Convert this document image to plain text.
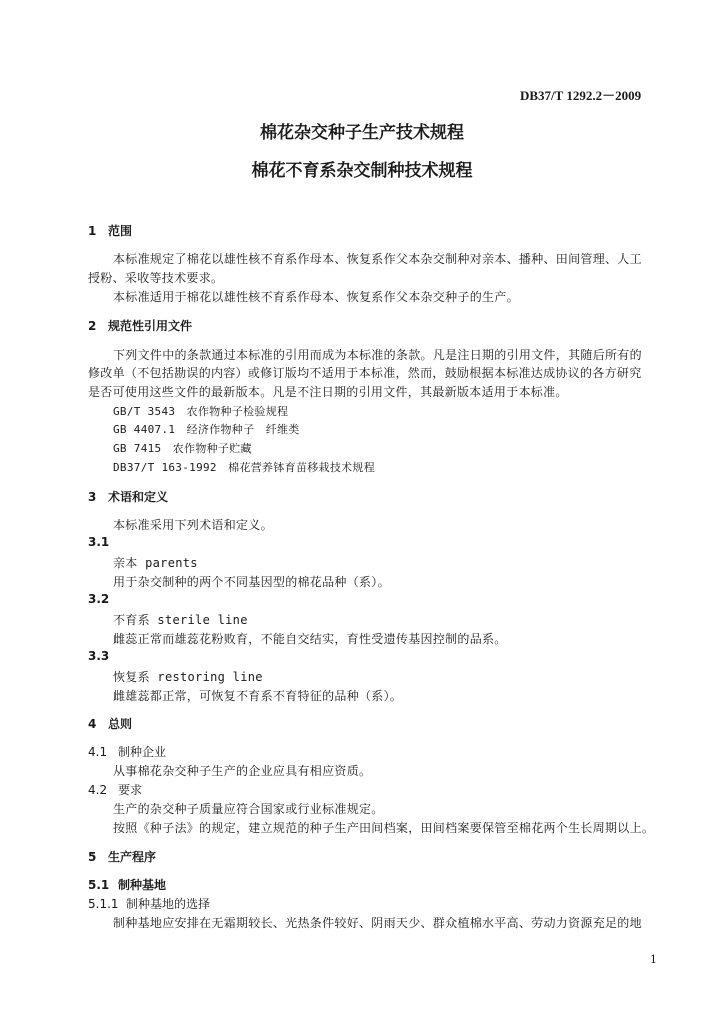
DB37/T 1292.2－2009
棉花杂交种子生产技术规程
棉花不育系杂交制种技术规程
1 范围
本标准规定了棉花以雄性核不育系作母本、恢复系作父本杂交制种对亲本、播种、田间管理、人工
授粉、采收等技术要求。
本标准适用于棉花以雄性核不育系作母本、恢复系作父本杂交种子的生产。
2 规范性引用文件
下列文件中的条款通过本标准的引用而成为本标准的条款。凡是注日期的引用文件，其随后所有的
修改单（不包括勘误的内容）或修订版均不适用于本标准，然而，鼓励根据本标准达成协议的各方研究
是否可使用这些文件的最新版本。凡是不注日期的引用文件，其最新版本适用于本标准。
GB/T 3543　农作物种子检验规程
GB 4407.1　经济作物种子　纤维类
GB 7415　农作物种子贮藏
DB37/T 163-1992　棉花营养钵育苗移栽技术规程
3 术语和定义
本标准采用下列术语和定义。
3.1
亲本 parents
用于杂交制种的两个不同基因型的棉花品种（系）。
3.2
不育系 sterile line
雌蕊正常而雄蕊花粉败育，不能自交结实，育性受遗传基因控制的品系。
3.3
恢复系 restoring line
雌雄蕊都正常，可恢复不育系不育特征的品种（系）。
4 总则
4.1 制种企业
从事棉花杂交种子生产的企业应具有相应资质。
4.2 要求
生产的杂交种子质量应符合国家或行业标准规定。
按照《种子法》的规定，建立规范的种子生产田间档案，田间档案要保管至棉花两个生长周期以上。
5 生产程序
5.1 制种基地
5.1.1 制种基地的选择
制种基地应安排在无霜期较长、光热条件较好、阴雨天少、群众植棉水平高、劳动力资源充足的地
1
